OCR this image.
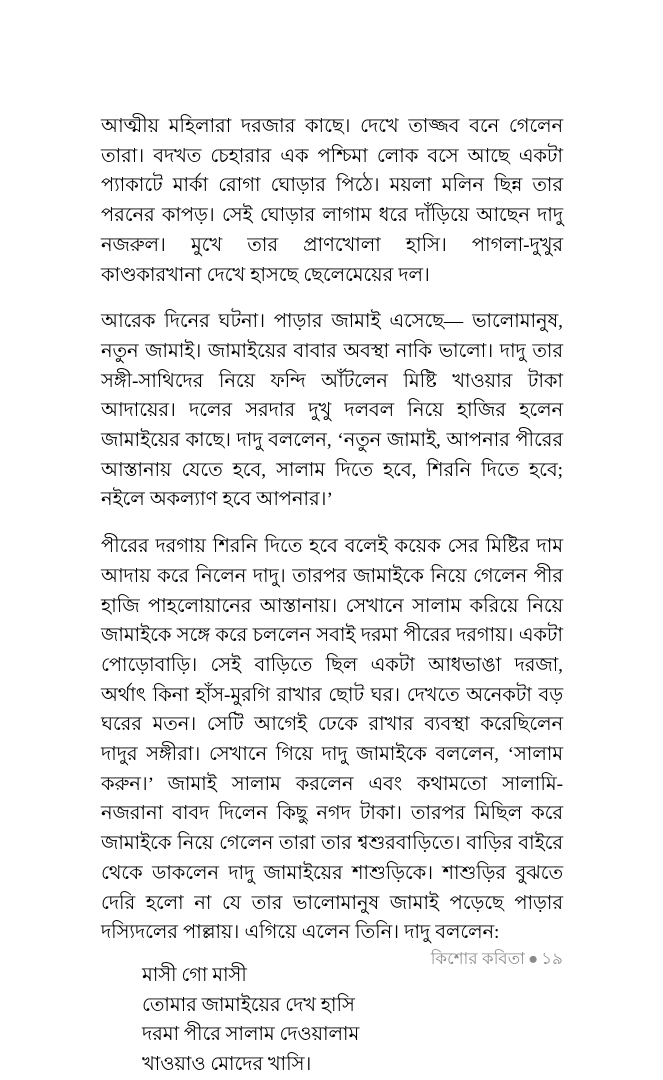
আত্মীয় মহিলারা দরজার কাছে। দেখে তাজ্জব বনে গেলেন তারা। বদখত চেহারার এক পশ্চিমা লোক বসে আছে একটা প্যাকাটে মার্কা রোগা ঘোড়ার পিঠে। ময়লা মলিন ছিন্ন তার পরনের কাপড়। সেই ঘোড়ার লাগাম ধরে দাঁড়িয়ে আছেন দাদু নজরুল। মুখে তার প্রাণখোলা হাসি। পাগলা-দুখুর কাণ্ডকারখানা দেখে হাসছে ছেলেমেয়ের দল।

আরেক দিনের ঘটনা। পাড়ার জামাই এসেছে— ভালোমানুষ, নতুন জামাই। জামাইয়ের বাবার অবস্থা নাকি ভালো। দাদু তার সঙ্গী-সাথিদের নিয়ে ফন্দি আঁটলেন মিষ্টি খাওয়ার টাকা আদায়ের। দলের সরদার দুখু দলবল নিয়ে হাজির হলেন জামাইয়ের কাছে। দাদু বললেন, ‘নতুন জামাই, আপনার পীরের আস্তানায় যেতে হবে, সালাম দিতে হবে, শিরনি দিতে হবে; নইলে অকল্যাণ হবে আপনার।’

পীরের দরগায় শিরনি দিতে হবে বলেই কয়েক সের মিষ্টির দাম আদায় করে নিলেন দাদু। তারপর জামাইকে নিয়ে গেলেন পীর হাজি পাহলোয়ানের আস্তানায়। সেখানে সালাম করিয়ে নিয়ে জামাইকে সঙ্গে করে চললেন সবাই দরমা পীরের দরগায়। একটা পোড়োবাড়ি। সেই বাড়িতে ছিল একটা আধভাঙা দরজা, অর্থাৎ কিনা হাঁস-মুরগি রাখার ছোট ঘর। দেখতে অনেকটা বড় ঘরের মতন। সেটি আগেই ঢেকে রাখার ব্যবস্থা করেছিলেন দাদুর সঙ্গীরা। সেখানে গিয়ে দাদু জামাইকে বললেন, ‘সালাম করুন।’ জামাই সালাম করলেন এবং কথামতো সালামি-নজরানা বাবদ দিলেন কিছু নগদ টাকা। তারপর মিছিল করে জামাইকে নিয়ে গেলেন তারা তার শ্বশুরবাড়িতে। বাড়ির বাইরে থেকে ডাকলেন দাদু জামাইয়ের শাশুড়িকে। শাশুড়ির বুঝতে দেরি হলো না যে তার ভালোমানুষ জামাই পড়েছে পাড়ার দস্যিদলের পাল্লায়। এগিয়ে এলেন তিনি। দাদু বললেন:

মাসী গো মাসী
তোমার জামাইয়ের দেখ হাসি
দরমা পীরে সালাম দেওয়ালাম
খাওয়াও মোদের খাসি।
কিশোর কবিতা ● ১৯
